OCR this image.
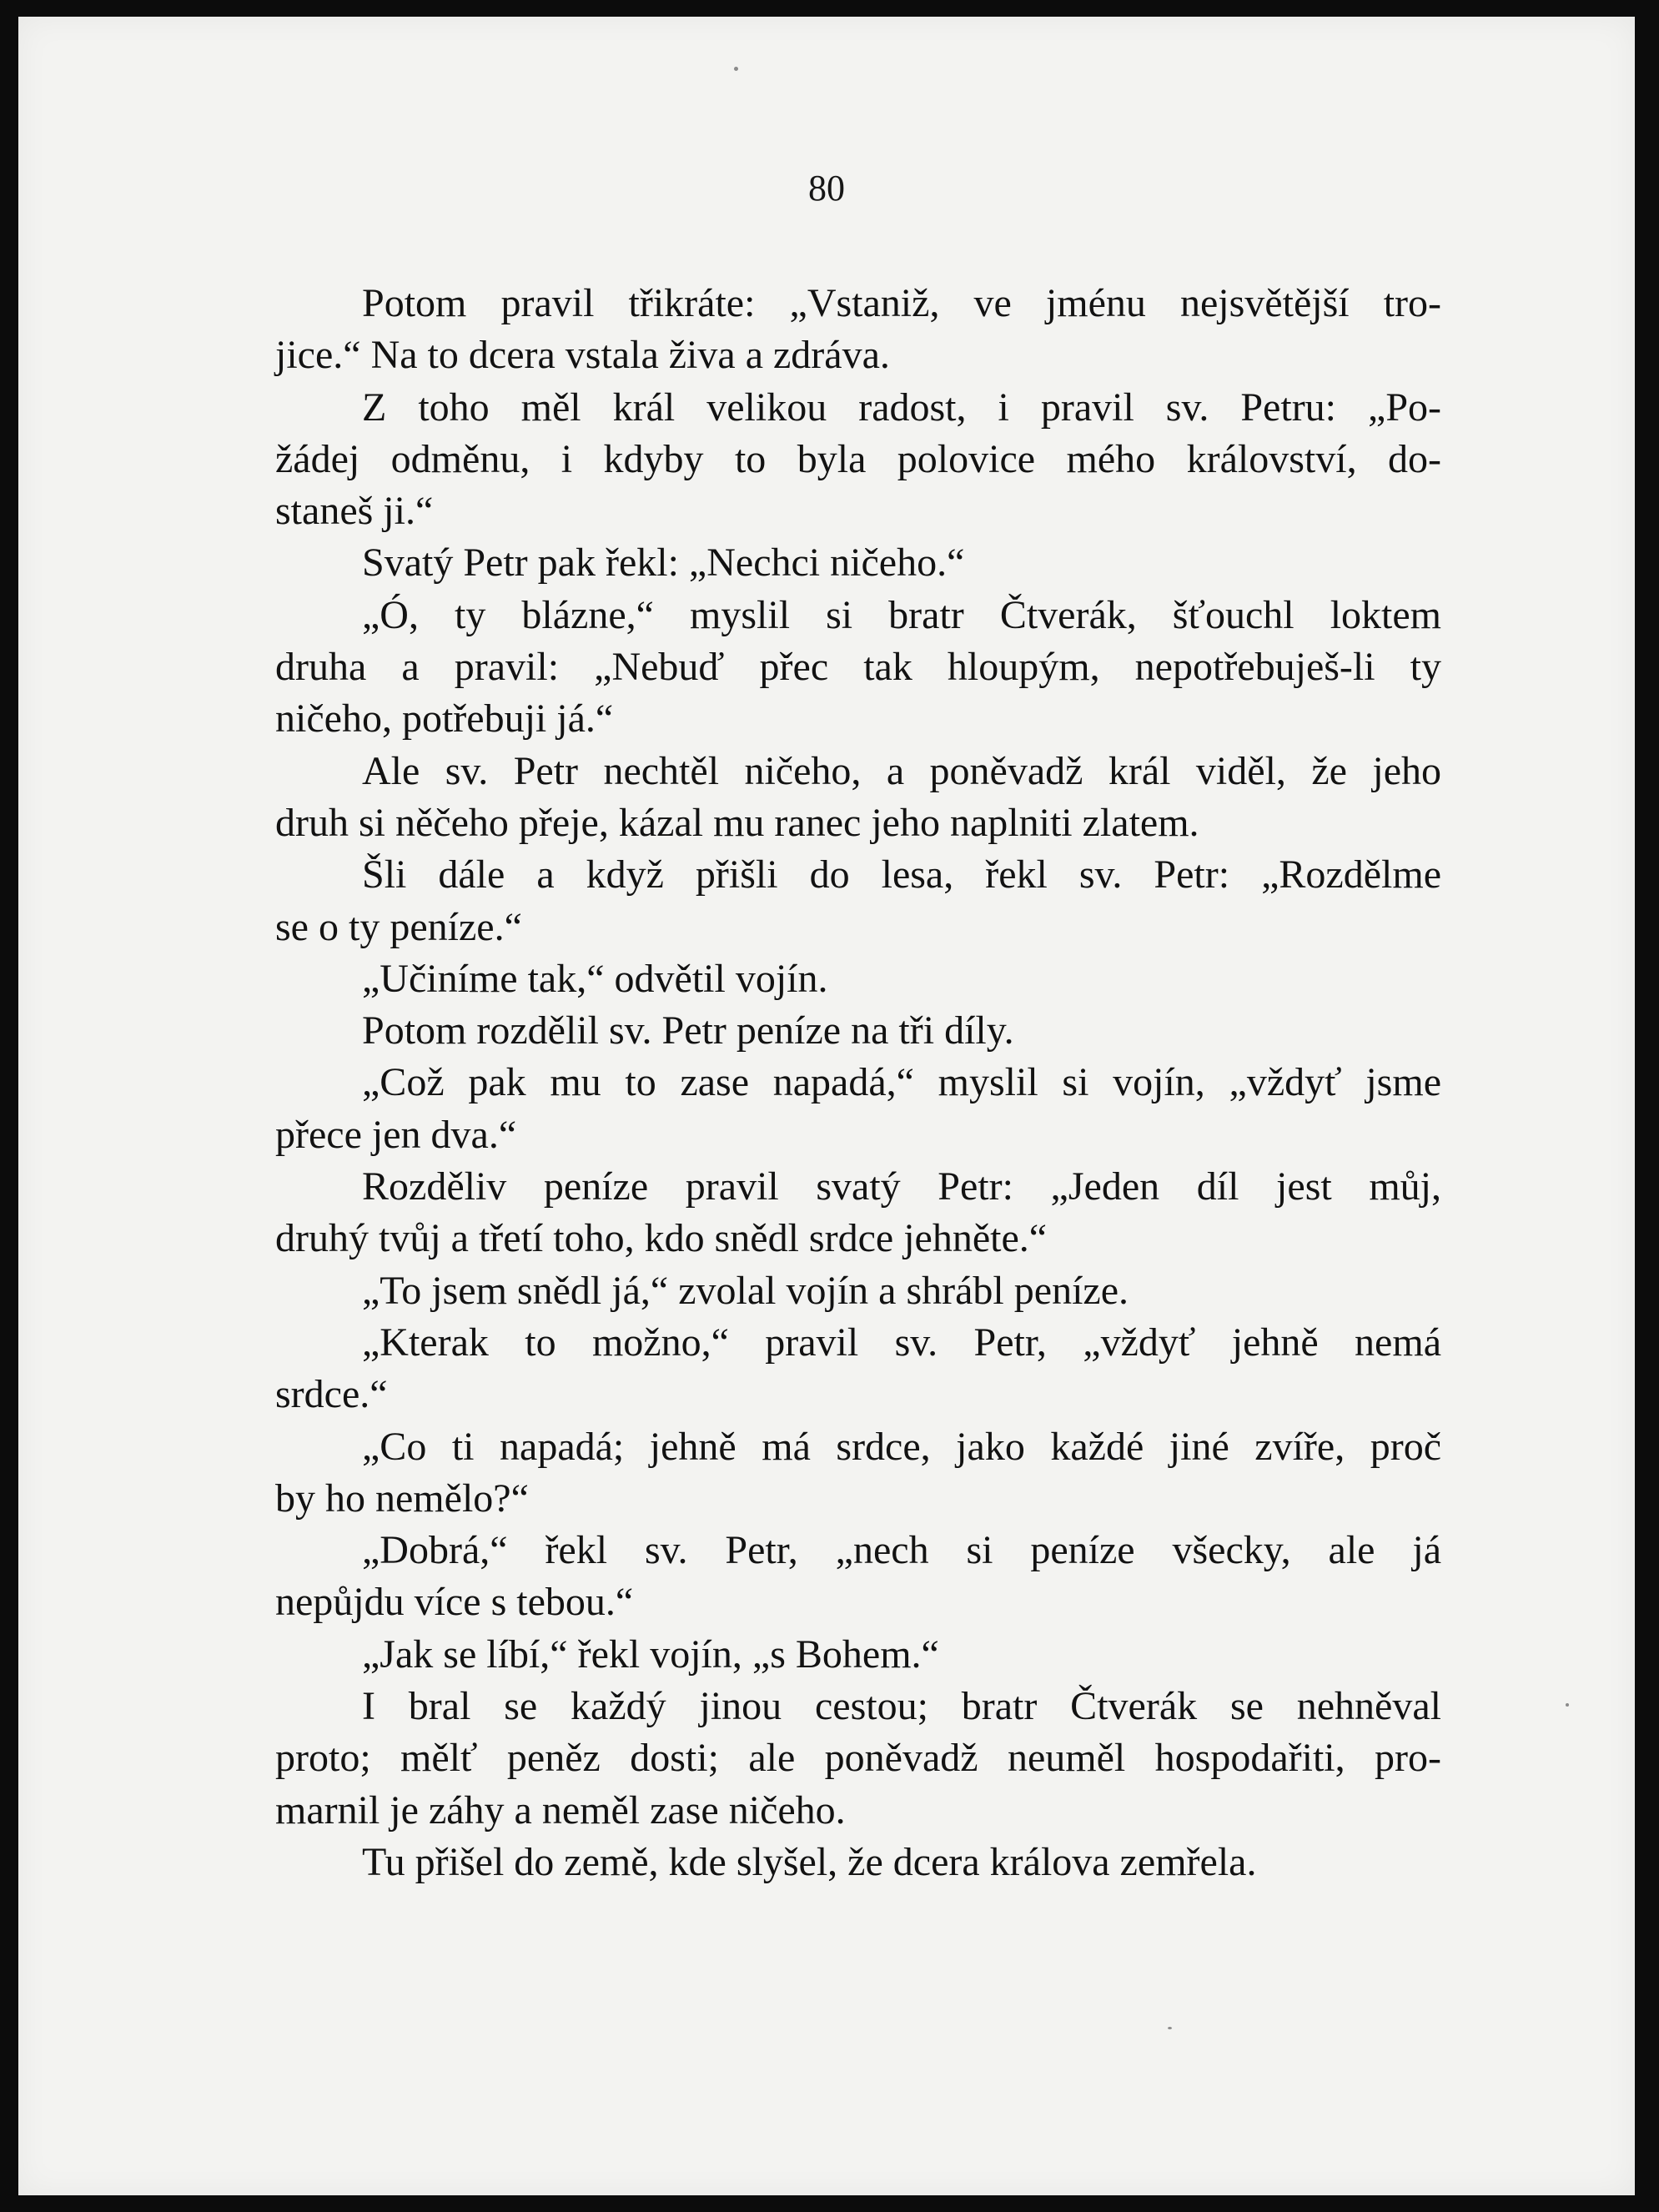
80
Potom pravil třikráte: „Vstaniž, ve jménu nejsvětější tro-
jice.“ Na to dcera vstala živa a zdráva.
Z toho měl král velikou radost, i pravil sv. Petru: „Po-
žádej odměnu, i kdyby to byla polovice mého království, do-
staneš ji.“
Svatý Petr pak řekl: „Nechci ničeho.“
„Ó, ty blázne,“ myslil si bratr Čtverák, šťouchl loktem
druha a pravil: „Nebuď přec tak hloupým, nepotřebuješ-li ty
ničeho, potřebuji já.“
Ale sv. Petr nechtěl ničeho, a poněvadž král viděl, že jeho
druh si něčeho přeje, kázal mu ranec jeho naplniti zlatem.
Šli dále a když přišli do lesa, řekl sv. Petr: „Rozdělme
se o ty peníze.“
„Učiníme tak,“ odvětil vojín.
Potom rozdělil sv. Petr peníze na tři díly.
„Což pak mu to zase napadá,“ myslil si vojín, „vždyť jsme
přece jen dva.“
Rozděliv peníze pravil svatý Petr: „Jeden díl jest můj,
druhý tvůj a třetí toho, kdo snědl srdce jehněte.“
„To jsem snědl já,“ zvolal vojín a shrábl peníze.
„Kterak to možno,“ pravil sv. Petr, „vždyť jehně nemá
srdce.“
„Co ti napadá; jehně má srdce, jako každé jiné zvíře, proč
by ho nemělo?“
„Dobrá,“ řekl sv. Petr, „nech si peníze všecky, ale já
nepůjdu více s tebou.“
„Jak se líbí,“ řekl vojín, „s Bohem.“
I bral se každý jinou cestou; bratr Čtverák se nehněval
proto; mělť peněz dosti; ale poněvadž neuměl hospodařiti, pro-
marnil je záhy a neměl zase ničeho.
Tu přišel do země, kde slyšel, že dcera králova zemřela.
